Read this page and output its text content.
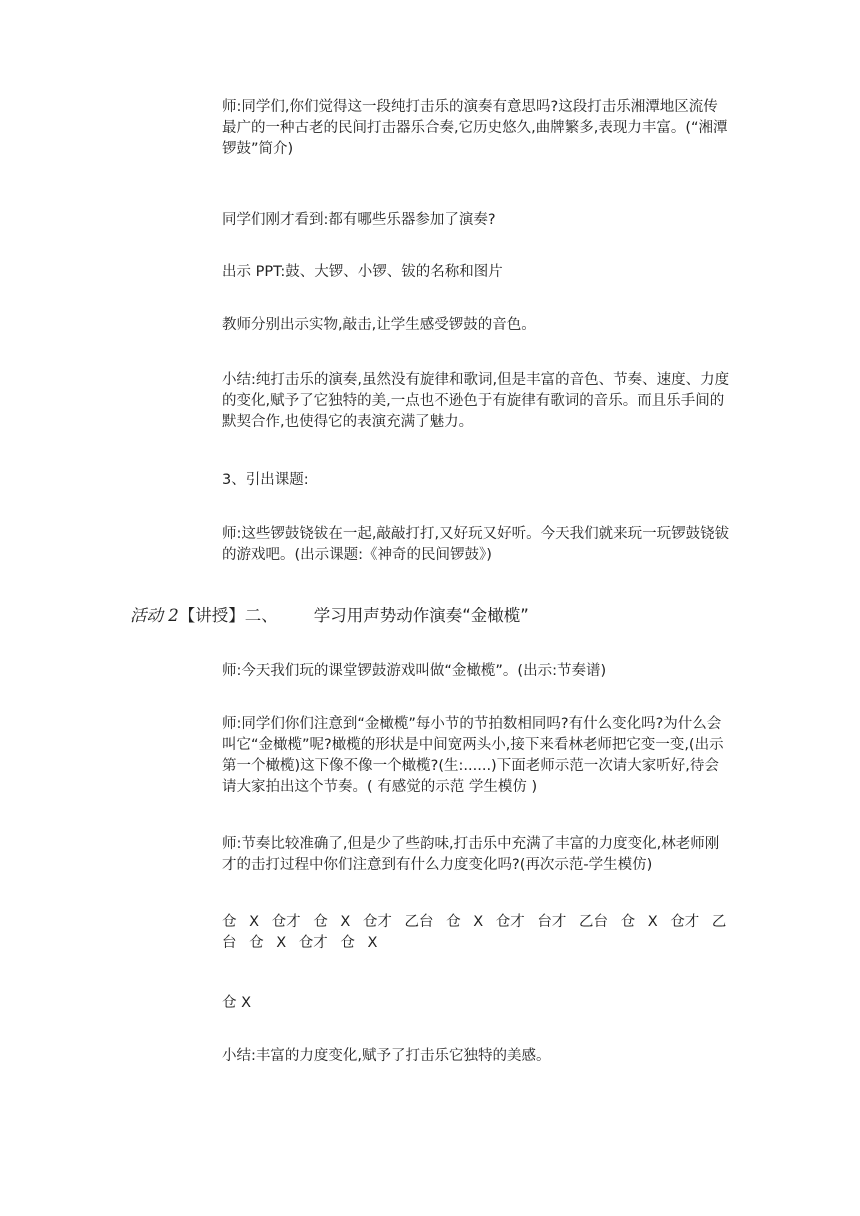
师:同学们,你们觉得这一段纯打击乐的演奏有意思吗?这段打击乐湘潭地区流传最广的一种古老的民间打击器乐合奏,它历史悠久,曲牌繁多,表现力丰富。(“湘潭锣鼓”简介)

同学们刚才看到:都有哪些乐器参加了演奏?

出示 PPT:鼓、大锣、小锣、钹的名称和图片

教师分别出示实物,敲击,让学生感受锣鼓的音色。

小结:纯打击乐的演奏,虽然没有旋律和歌词,但是丰富的音色、节奏、速度、力度的变化,赋予了它独特的美,一点也不逊色于有旋律有歌词的音乐。而且乐手间的默契合作,也使得它的表演充满了魅力。

3、引出课题:

师:这些锣鼓铙钹在一起,敲敲打打,又好玩又好听。今天我们就来玩一玩锣鼓铙钹的游戏吧。(出示课题:《神奇的民间锣鼓》)

活动 2【讲授】二、 学习用声势动作演奏“金橄榄”

师:今天我们玩的课堂锣鼓游戏叫做“金橄榄”。(出示:节奏谱)

师:同学们你们注意到“金橄榄”每小节的节拍数相同吗?有什么变化吗?为什么会叫它“金橄榄”呢?橄榄的形状是中间宽两头小,接下来看林老师把它变一变,(出示第一个橄榄)这下像不像一个橄榄?(生:......)下面老师示范一次请大家听好,待会请大家拍出这个节奏。( 有感觉的示范 学生模仿 )

师:节奏比较准确了,但是少了些韵味,打击乐中充满了丰富的力度变化,林老师刚才的击打过程中你们注意到有什么力度变化吗?(再次示范-学生模仿)

仓 X 仓才 仓 X 仓才 乙台 仓 X 仓才 台才 乙台 仓 X 仓才 乙台 仓 X 仓才 仓 X

仓 X

小结:丰富的力度变化,赋予了打击乐它独特的美感。
